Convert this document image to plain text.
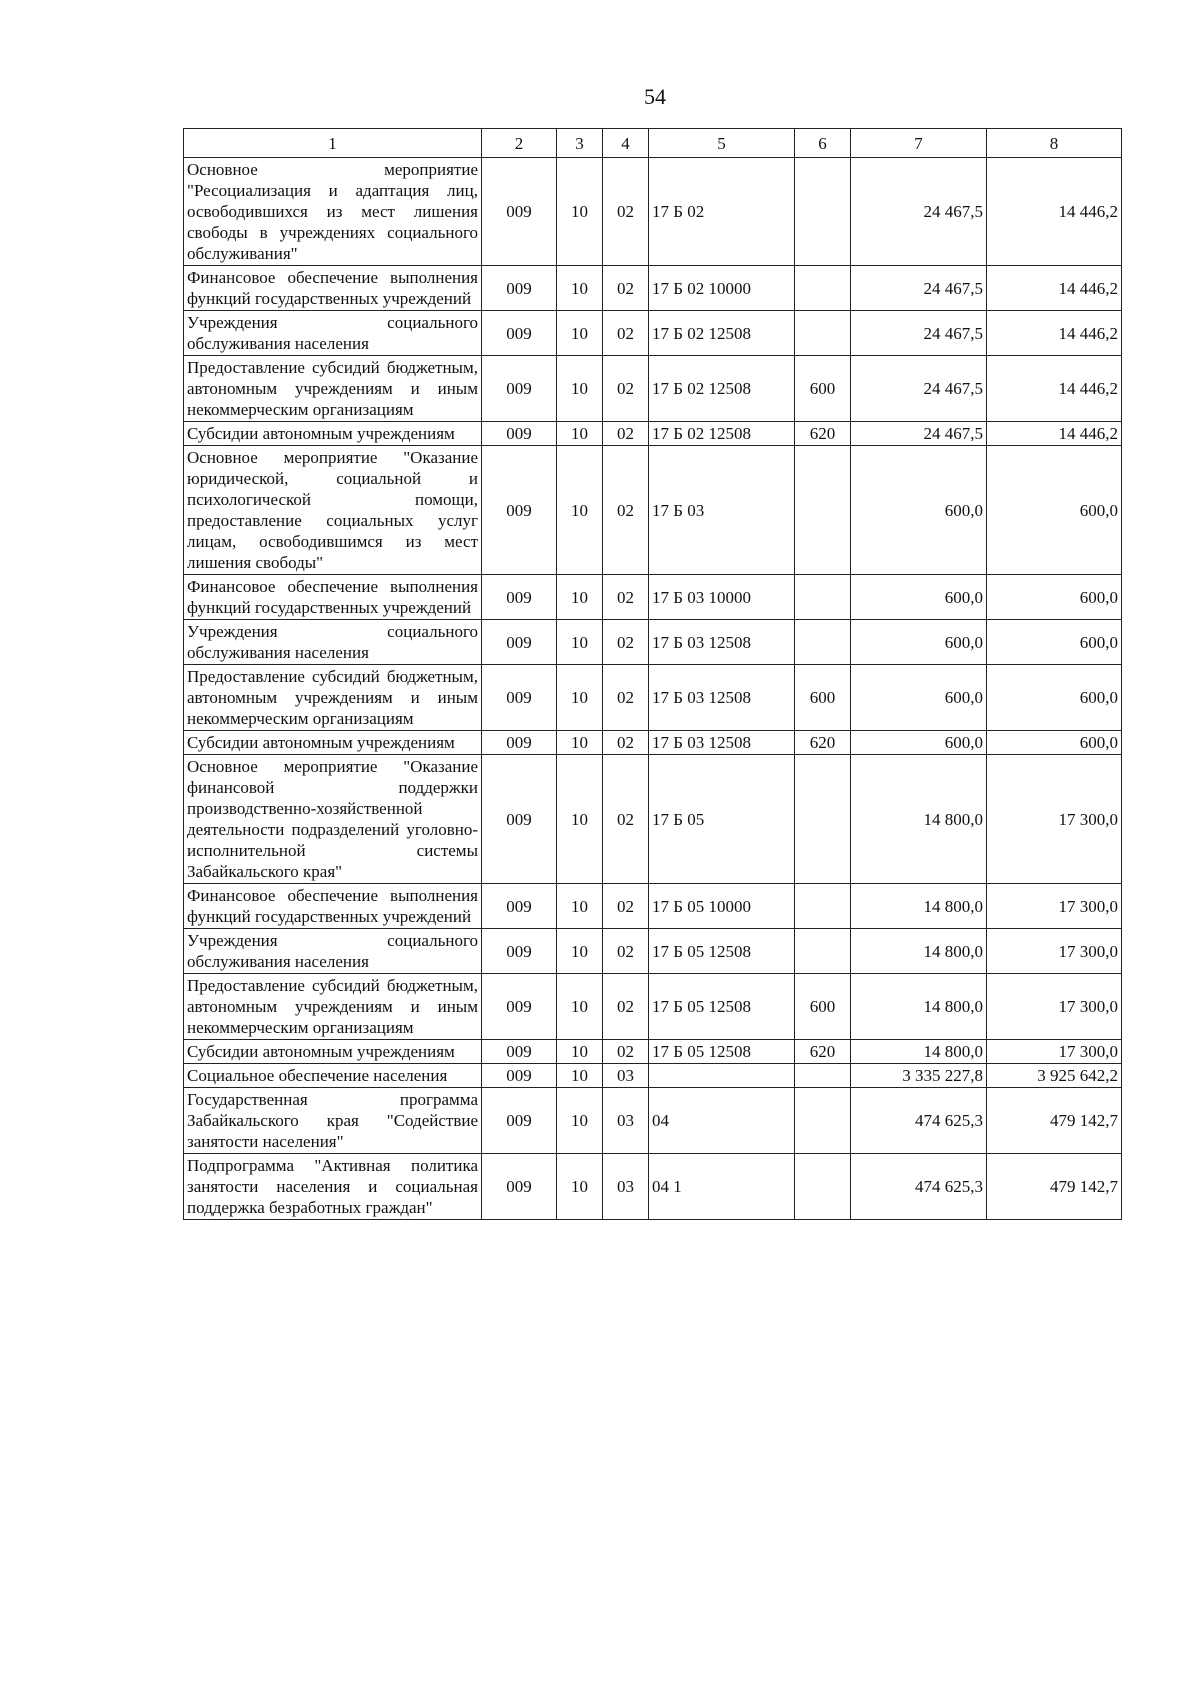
54
1	2	3	4	5	6	7	8
Основное мероприятие "Ресоциализация и адаптация лиц, освободившихся из мест лишения свободы в учреждениях социального обслуживания"	009	10	02	17 Б 02		24 467,5	14 446,2
Финансовое обеспечение выполнения функций государственных учреждений	009	10	02	17 Б 02 10000		24 467,5	14 446,2
Учреждения социального обслуживания населения	009	10	02	17 Б 02 12508		24 467,5	14 446,2
Предоставление субсидий бюджетным, автономным учреждениям и иным некоммерческим организациям	009	10	02	17 Б 02 12508	600	24 467,5	14 446,2
Субсидии автономным учреждениям	009	10	02	17 Б 02 12508	620	24 467,5	14 446,2
Основное мероприятие "Оказание юридической, социальной и психологической помощи, предоставление социальных услуг лицам, освободившимся из мест лишения свободы"	009	10	02	17 Б 03		600,0	600,0
Финансовое обеспечение выполнения функций государственных учреждений	009	10	02	17 Б 03 10000		600,0	600,0
Учреждения социального обслуживания населения	009	10	02	17 Б 03 12508		600,0	600,0
Предоставление субсидий бюджетным, автономным учреждениям и иным некоммерческим организациям	009	10	02	17 Б 03 12508	600	600,0	600,0
Субсидии автономным учреждениям	009	10	02	17 Б 03 12508	620	600,0	600,0
Основное мероприятие "Оказание финансовой поддержки производственно-хозяйственной деятельности подразделений уголовно-исполнительной системы Забайкальского края"	009	10	02	17 Б 05		14 800,0	17 300,0
Финансовое обеспечение выполнения функций государственных учреждений	009	10	02	17 Б 05 10000		14 800,0	17 300,0
Учреждения социального обслуживания населения	009	10	02	17 Б 05 12508		14 800,0	17 300,0
Предоставление субсидий бюджетным, автономным учреждениям и иным некоммерческим организациям	009	10	02	17 Б 05 12508	600	14 800,0	17 300,0
Субсидии автономным учреждениям	009	10	02	17 Б 05 12508	620	14 800,0	17 300,0
Социальное обеспечение населения	009	10	03			3 335 227,8	3 925 642,2
Государственная программа Забайкальского края "Содействие занятости населения"	009	10	03	04		474 625,3	479 142,7
Подпрограмма "Активная политика занятости населения и социальная поддержка безработных граждан"	009	10	03	04 1		474 625,3	479 142,7
